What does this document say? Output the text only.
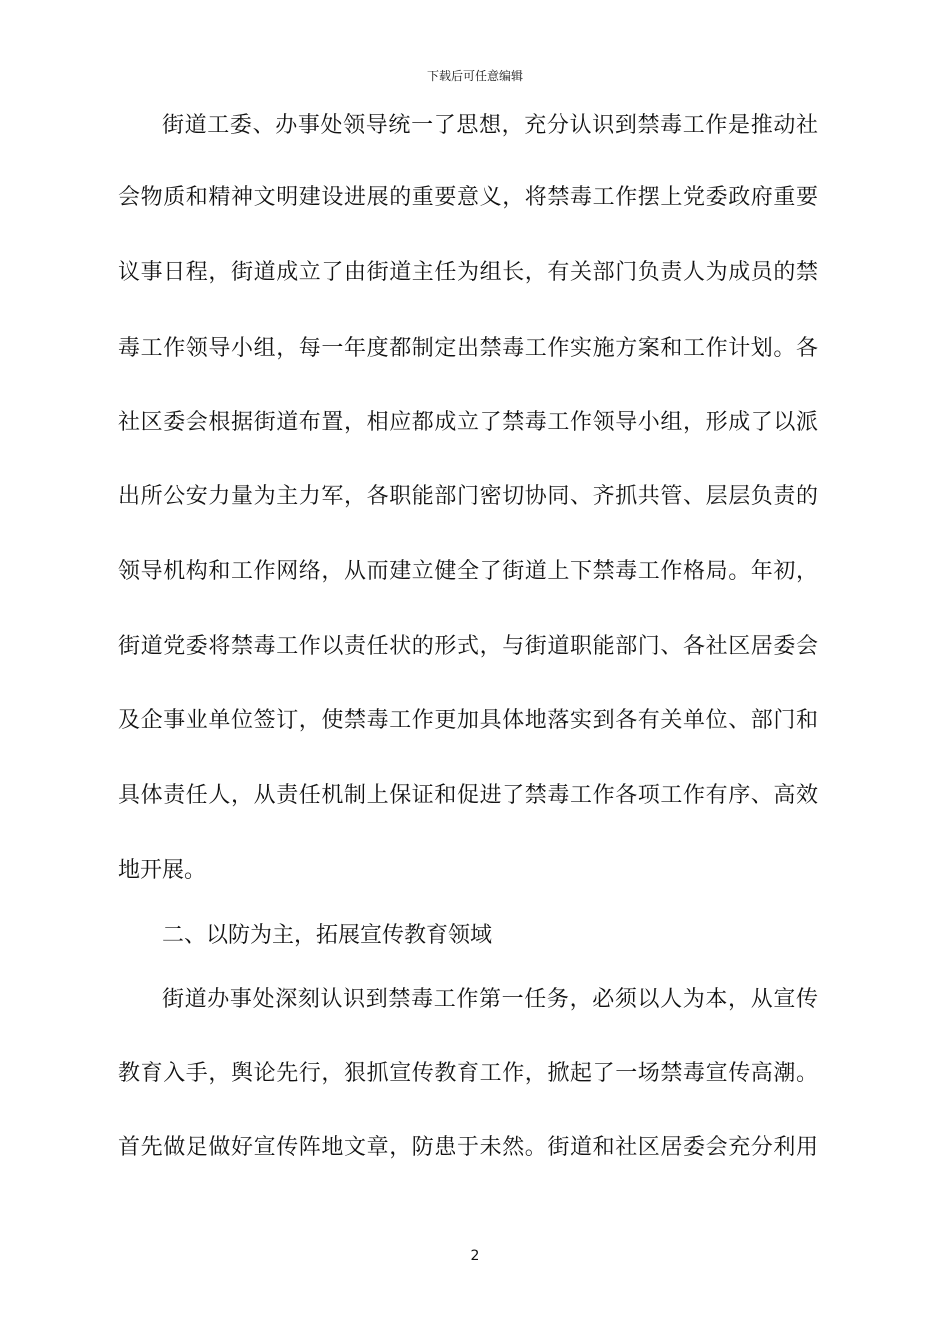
下载后可任意编辑
街道工委、办事处领导统一了思想，充分认识到禁毒工作是推动社
会物质和精神文明建设进展的重要意义，将禁毒工作摆上党委政府重要
议事日程，街道成立了由街道主任为组长，有关部门负责人为成员的禁
毒工作领导小组，每一年度都制定出禁毒工作实施方案和工作计划。各
社区委会根据街道布置，相应都成立了禁毒工作领导小组，形成了以派
出所公安力量为主力军，各职能部门密切协同、齐抓共管、层层负责的
领导机构和工作网络，从而建立健全了街道上下禁毒工作格局。年初，
街道党委将禁毒工作以责任状的形式，与街道职能部门、各社区居委会
及企事业单位签订，使禁毒工作更加具体地落实到各有关单位、部门和
具体责任人，从责任机制上保证和促进了禁毒工作各项工作有序、高效
地开展。
二、以防为主，拓展宣传教育领域
街道办事处深刻认识到禁毒工作第一任务，必须以人为本，从宣传
教育入手，舆论先行，狠抓宣传教育工作，掀起了一场禁毒宣传高潮。
首先做足做好宣传阵地文章，防患于未然。街道和社区居委会充分利用
2
